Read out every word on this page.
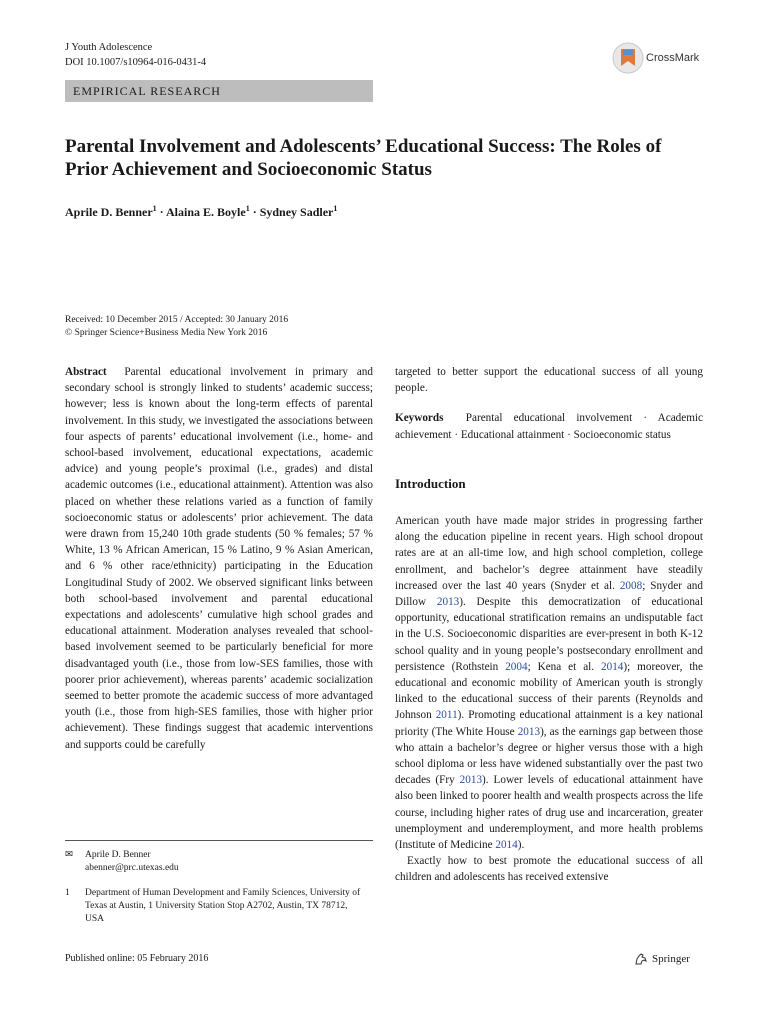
J Youth Adolescence
DOI 10.1007/s10964-016-0431-4	CrossMark
EMPIRICAL RESEARCH
Parental Involvement and Adolescents’ Educational Success: The Roles of Prior Achievement and Socioeconomic Status
Aprile D. Benner$^1$ · Alaina E. Boyle$^1$ · Sydney Sadler$^1$
Received: 10 December 2015 / Accepted: 30 January 2016
© Springer Science+Business Media New York 2016
Abstract Parental educational involvement in primary and secondary school is strongly linked to students’ academic success; however; less is known about the long-term effects of parental involvement. In this study, we investigated the associations between four aspects of parents’ educational involvement (i.e., home- and school-based involvement, educational expectations, academic advice) and young people’s proximal (i.e., grades) and distal academic outcomes (i.e., educational attainment). Attention was also placed on whether these relations varied as a function of family socioeconomic status or adolescents’ prior achievement. The data were drawn from 15,240 10th grade students (50 % females; 57 % White, 13 % African American, 15 % Latino, 9 % Asian American, and 6 % other race/ethnicity) participating in the Education Longitudinal Study of 2002. We observed significant links between both school-based involvement and parental educational expectations and adolescents’ cumulative high school grades and educational attainment. Moderation analyses revealed that school-based involvement seemed to be particularly beneficial for more disadvantaged youth (i.e., those from low-SES families, those with poorer prior achievement), whereas parents’ academic socialization seemed to better promote the academic success of more advantaged youth (i.e., those from high-SES families, those with higher prior achievement). These findings suggest that academic interventions and supports could be carefully
targeted to better support the educational success of all young people.
Keywords Parental educational involvement · Academic achievement · Educational attainment · Socioeconomic status
Introduction
American youth have made major strides in progressing farther along the education pipeline in recent years. High school dropout rates are at an all-time low, and high school completion, college enrollment, and bachelor’s degree attainment have steadily increased over the last 40 years (Snyder et al. 2008; Snyder and Dillow 2013). Despite this democratization of educational opportunity, educational stratification remains an undisputable fact in the U.S. Socioeconomic disparities are ever-present in both K-12 school quality and in young people’s postsecondary enrollment and persistence (Rothstein 2004; Kena et al. 2014); moreover, the educational and economic mobility of American youth is strongly linked to the educational success of their parents (Reynolds and Johnson 2011). Promoting educational attainment is a key national priority (The White House 2013), as the earnings gap between those who attain a bachelor’s degree or higher versus those with a high school diploma or less have widened substantially over the past two decades (Fry 2013). Lower levels of educational attainment have also been linked to poorer health and wealth prospects across the life course, including higher rates of drug use and incarceration, greater unemployment and underemployment, and more health problems (Institute of Medicine 2014).
Exactly how to best promote the educational success of all children and adolescents has received extensive
✉	Aprile D. Benner
abenner@prc.utexas.edu
1	Department of Human Development and Family Sciences, University of Texas at Austin, 1 University Station Stop A2702, Austin, TX 78712, USA
Published online: 05 February 2016	Springer
